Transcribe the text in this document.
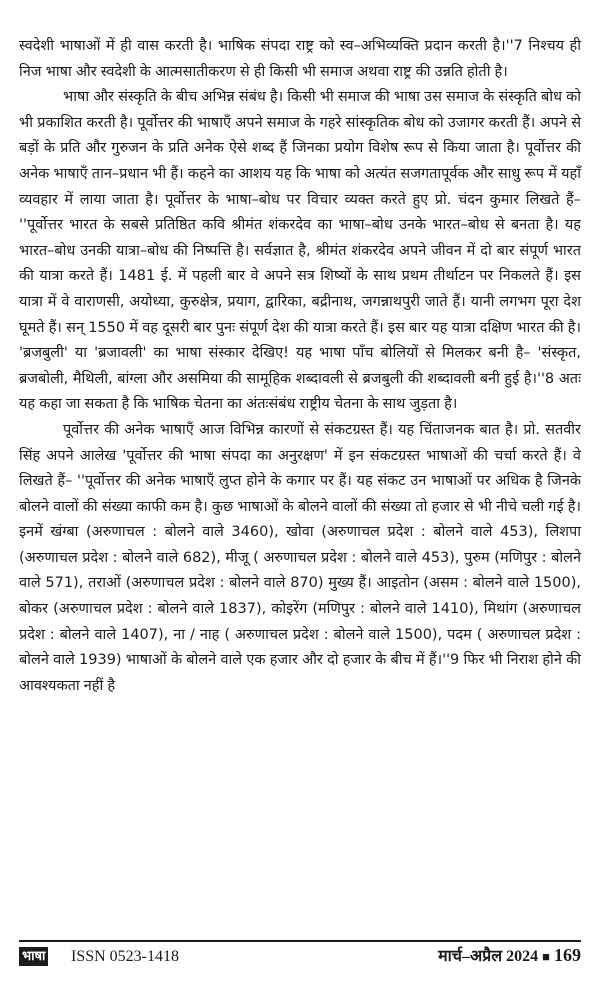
स्वदेशी भाषाओं में ही वास करती है। भाषिक संपदा राष्ट्र को स्व–अभिव्यक्ति प्रदान करती है।''7 निश्चय ही निज भाषा और स्वदेशी के आत्मसातीकरण से ही किसी भी समाज अथवा राष्ट्र की उन्नति होती है।

भाषा और संस्कृति के बीच अभिन्न संबंध है। किसी भी समाज की भाषा उस समाज के संस्कृति बोध को भी प्रकाशित करती है। पूर्वोत्तर की भाषाएँ अपने समाज के गहरे सांस्कृतिक बोध को उजागर करती हैं। अपने से बड़ों के प्रति और गुरुजन के प्रति अनेक ऐसे शब्द हैं जिनका प्रयोग विशेष रूप से किया जाता है। पूर्वोत्तर की अनेक भाषाएँ तान–प्रधान भी हैं। कहने का आशय यह कि भाषा को अत्यंत सजगतापूर्वक और साधु रूप में यहाँ व्यवहार में लाया जाता है। पूर्वोत्तर के भाषा–बोध पर विचार व्यक्त करते हुए प्रो. चंदन कुमार लिखते हैं– ''पूर्वोत्तर भारत के सबसे प्रतिष्ठित कवि श्रीमंत शंकरदेव का भाषा–बोध उनके भारत–बोध से बनता है। यह भारत–बोध उनकी यात्रा–बोध की निष्पत्ति है। सर्वज्ञात है, श्रीमंत शंकरदेव अपने जीवन में दो बार संपूर्ण भारत की यात्रा करते हैं। 1481 ई. में पहली बार वे अपने सत्र शिष्यों के साथ प्रथम तीर्थाटन पर निकलते हैं। इस यात्रा में वे वाराणसी, अयोध्या, कुरुक्षेत्र, प्रयाग, द्वारिका, बद्रीनाथ, जगन्नाथपुरी जाते हैं। यानी लगभग पूरा देश घूमते हैं। सन् 1550 में वह दूसरी बार पुनः संपूर्ण देश की यात्रा करते हैं। इस बार यह यात्रा दक्षिण भारत की है। 'ब्रजबुली' या 'ब्रजावली' का भाषा संस्कार देखिए! यह भाषा पाँच बोलियों से मिलकर बनी है– 'संस्कृत, ब्रजबोली, मैथिली, बांग्ला और असमिया की सामूहिक शब्दावली से ब्रजबुली की शब्दावली बनी हुई है।''8 अतः यह कहा जा सकता है कि भाषिक चेतना का अंतःसंबंध राष्ट्रीय चेतना के साथ जुड़ता है।

पूर्वोत्तर की अनेक भाषाएँ आज विभिन्न कारणों से संकटग्रस्त हैं। यह चिंताजनक बात है। प्रो. सतवीर सिंह अपने आलेख 'पूर्वोत्तर की भाषा संपदा का अनुरक्षण' में इन संकटग्रस्त भाषाओं की चर्चा करते हैं। वे लिखते हैं– ''पूर्वोत्तर की अनेक भाषाएँ लुप्त होने के कगार पर हैं। यह संकट उन भाषाओं पर अधिक है जिनके बोलने वालों की संख्या काफी कम है। कुछ भाषाओं के बोलने वालों की संख्या तो हजार से भी नीचे चली गई है। इनमें खंग्बा (अरुणाचल : बोलने वाले 3460), खोवा (अरुणाचल प्रदेश : बोलने वाले 453), लिशपा (अरुणाचल प्रदेश : बोलने वाले 682), मीजू ( अरुणाचल प्रदेश : बोलने वाले 453), पुरुम (मणिपुर : बोलने वाले 571), तराओं (अरुणाचल प्रदेश : बोलने वाले 870) मुख्य हैं। आइतोन (असम : बोलने वाले 1500), बोकर (अरुणाचल प्रदेश : बोलने वाले 1837), कोइरेंग (मणिपुर : बोलने वाले 1410), मिथांग (अरुणाचल प्रदेश : बोलने वाले 1407), ना / नाह ( अरुणाचल प्रदेश : बोलने वाले 1500), पदम ( अरुणाचल प्रदेश : बोलने वाले 1939) भाषाओं के बोलने वाले एक हजार और दो हजार के बीच में हैं।''9 फिर भी निराश होने की आवश्यकता नहीं है

भाषा ISSN 0523-1418	मार्च–अप्रैल 2024 ■ 169
